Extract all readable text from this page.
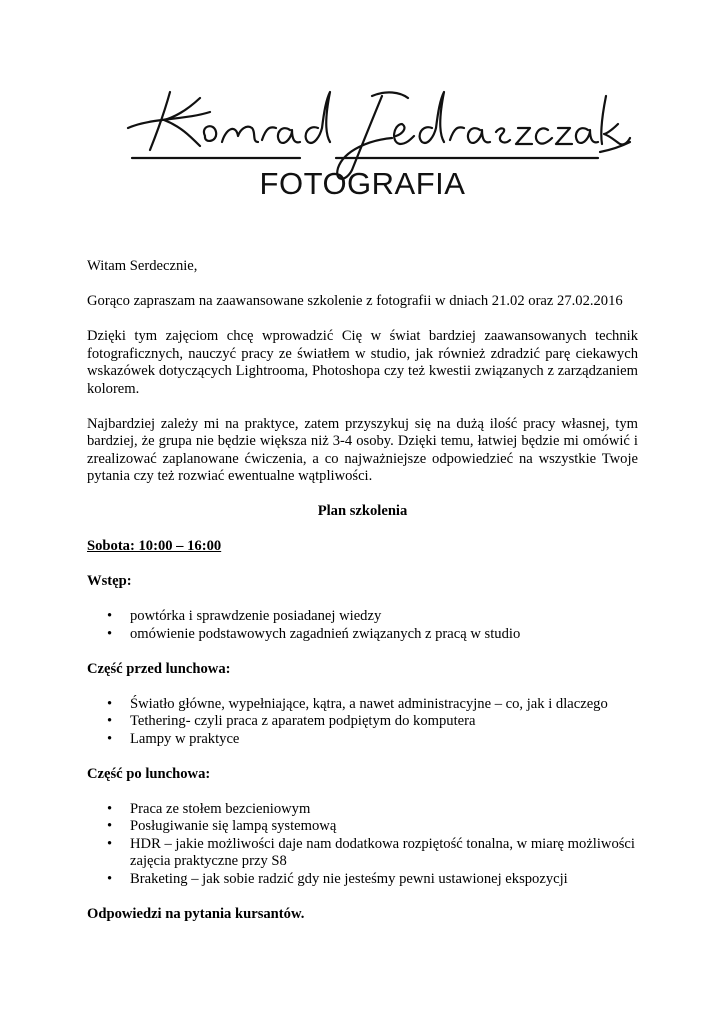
FOTOGRAFIA

Witam Serdecznie,

Gorąco zapraszam na zaawansowane szkolenie z fotografii w dniach 21.02 oraz 27.02.2016

Dzięki tym zajęciom chcę wprowadzić Cię w świat bardziej zaawansowanych technik fotograficznych, nauczyć pracy ze światłem w studio, jak również zdradzić parę ciekawych wskazówek dotyczących Lightrooma, Photoshopa czy też kwestii związanych z zarządzaniem kolorem.

Najbardziej zależy mi na praktyce, zatem przyszykuj się na dużą ilość pracy własnej, tym bardziej, że grupa nie będzie większa niż 3-4 osoby. Dzięki temu, łatwiej będzie mi omówić i zrealizować zaplanowane ćwiczenia, a co najważniejsze odpowiedzieć na wszystkie Twoje pytania czy też rozwiać ewentualne wątpliwości.

Plan szkolenia

Sobota: 10:00 – 16:00

Wstęp:

• powtórka i sprawdzenie posiadanej wiedzy
• omówienie podstawowych zagadnień związanych z pracą w studio

Część przed lunchowa:

• Światło główne, wypełniające, kątra, a nawet administracyjne – co, jak i dlaczego
• Tethering- czyli praca z aparatem podpiętym do komputera
• Lampy w praktyce

Część po lunchowa:

• Praca ze stołem bezcieniowym
• Posługiwanie się lampą systemową
• HDR – jakie możliwości daje nam dodatkowa rozpiętość tonalna, w miarę możliwości zajęcia praktyczne przy S8
• Braketing – jak sobie radzić gdy nie jesteśmy pewni ustawionej ekspozycji

Odpowiedzi na pytania kursantów.
